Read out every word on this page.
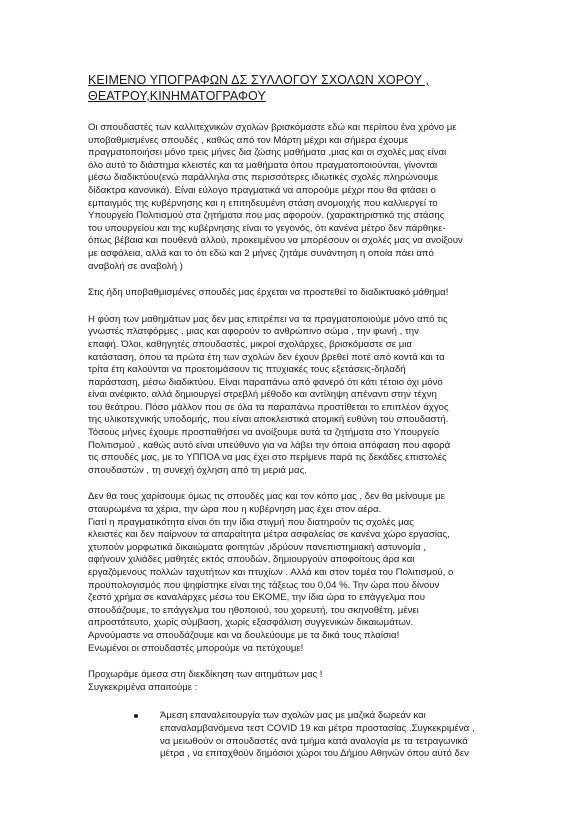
ΚΕΙΜΕΝΟ ΥΠΟΓΡΑΦΩΝ ΔΣ ΣΥΛΛΟΓΟΥ ΣΧΟΛΩΝ ΧΟΡΟΥ ,
ΘΕΑΤΡΟΥ,ΚΙΝΗΜΑΤΟΓΡΑΦΟΥ

Οι σπουδαστές των καλλιτεχνικών σχολών βρισκόμαστε εδώ και περίπου ένα χρόνο με
υποβαθμισμένες σπουδές , καθώς από τον Μάρτη μέχρι και σήμερα έχουμε
πραγματοποιήσει μόνο τρεις μήνες δια ζώσης μαθήματα ,μιας και οι σχολές μας είναι
όλο αυτό το διάστημα κλειστές και τα μαθήματα όπου πραγματοποιούνται, γίνονται
μέσω διαδικτύου(ενώ παράλληλα στις περισσότερες ιδιωτικές σχολές πληρώνουμε
δίδακτρα κανονικά). Είναι εύλογο πραγματικά να απορούμε μέχρι που θα φτάσει ο
εμπαιγμός της κυβέρνησης και η επιτηδευμένη στάση ανομοιχής που καλλιεργεί το
Υπουργείο Πολιτισμού στα ζητήματα που μας αφορούν. (χαρακτηριστικό της στάσης
του υπουργείου και της κυβέρνησης είναι το γεγονός, ότι κανένα μέτρο δεν πάρθηκε-
όπως βέβαια και πουθενά αλλού, προκειμένου να μπορέσουν οι σχολές μας να ανοίξουν
με ασφάλεια, αλλά και το ότι εδώ και 2 μήνες ζητάμε συνάντηση η οποία πάει από
αναβολή σε αναβολή )

Στις ήδη υποβαθμισμένες σπουδές μας έρχεται να προστεθεί το διαδικτυακό μάθημα!

Η φύση των μαθημάτων μας δεν μας επιτρέπει να τα πραγματοποιούμε μόνο από τις
γνωστές πλατφόρμες , μιας και αφορούν το ανθρώπινο σώμα , την φωνή , την
επαφή. Όλοι, καθηγητές σπουδαστές, μικροί σχολάρχες, βρισκόμαστε σε μια
κατάσταση, όπου τα πρώτα έτη των σχολών δεν έχουν βρεθεί ποτέ από κοντά και τα
τρίτα έτη καλούνται να προετοιμάσουν τις πτυχιακές τους εξετάσεις-δηλαδή
παράσταση, μέσω διαδικτύου. Είναι παραπάνω από φανερό ότι κάτι τέτοιο όχι μόνο
είναι ανέφικτο, αλλά δημιουργεί στρεβλή μέθοδο και αντίληψη απέναντι στην τέχνη
του θεάτρου. Πόσο μάλλον που σε όλα τα παραπάνω προστίθεται το επιπλέον άχγος
της υλικοτεχνικής υποδομής, που είναι αποκλειστικά ατομική ευθύνη του σπουδαστή.
Τόσους μήνες έχουμε προσπαθήσει να ανοίξουμε αυτά τα ζητήματα στο Υπουργείο
Πολιτισμού , καθώς αυτό είναι υπεύθυνο για να λάβει την όποια απόφαση που αφορά
τις σπουδές μας, με το ΥΠΠΟΑ να μας έχει στο περίμενε παρά τις δεκάδες επιστολές
σπουδαστών , τη συνεχή όχληση από τη μεριά μας.

Δεν θα τους χαρίσουμε όμως τις σπουδές μας και τον κόπο μας , δεν θα μείνουμε με
σταυρωμένα τα χέρια, την ώρα που η κυβέρνηση μας έχει στον αέρα.
Γιατί η πραγματικότητα είναι ότι την ίδια στιγμή που διατηρούν τις σχολές μας
κλειστές και δεν παίρνουν τα απαραίτητα μέτρα ασφαλείας σε κανένα χώρο εργασίας,
χτυπούν μορφωτικά δικαιώματα φοιτητών ,ιδρύουν πανεπιστημιακή αστυνομία ,
αφήνουν χιλιάδες μαθητές εκτός σπουδών, δημιουργούν αποφοίτους άρα και
εργαζόμενους πολλών ταχυτήτων και πτυχίων . Αλλά και στον τομέα του Πολιτισμού, ο
προϋπολογισμός που ψηφίστηκε είναι της τάξεως του 0,04 %. Την ώρα που δίνουν
ζεστό χρήμα σε καναλάρχες μέσω του ΕΚΟΜΕ, την ίδια ώρα το επάγγελμα που
σπουδάζουμε, το επάγγελμα του ηθοποιού, του χορευτή, του σκηνοθέτη, μένει
απροστάτευτο, χωρίς σύμβαση, χωρίς εξασφάλιση συγγενικών δικαιωμάτων.
Αρνούμαστε να σπουδάζουμε και να δουλεύουμε με τα δικά τους πλαίσια!
Ενωμένοι οι σπουδαστές μπορούμε να πετύχουμε!

Προχωράμε άμεσα στη διεκδίκηση των αιτημάτων μας !
Συγκεκριμένα απαιτούμε :

Άμεση επαναλειτουργία των σχολών μας με μαζικά δωρεάν και
επαναλαμβανόμενα τεστ COVID 19 και μέτρα προστασίας .Συγκεκριμένα ,
να μειωθούν οι σπουδαστές ανά τμήμα κατά αναλογία με τα τετραγωνικά
μέτρα , να επιταχθούν δημόσιοι χώροι του Δήμου Αθηνών όπου αυτό δεν
